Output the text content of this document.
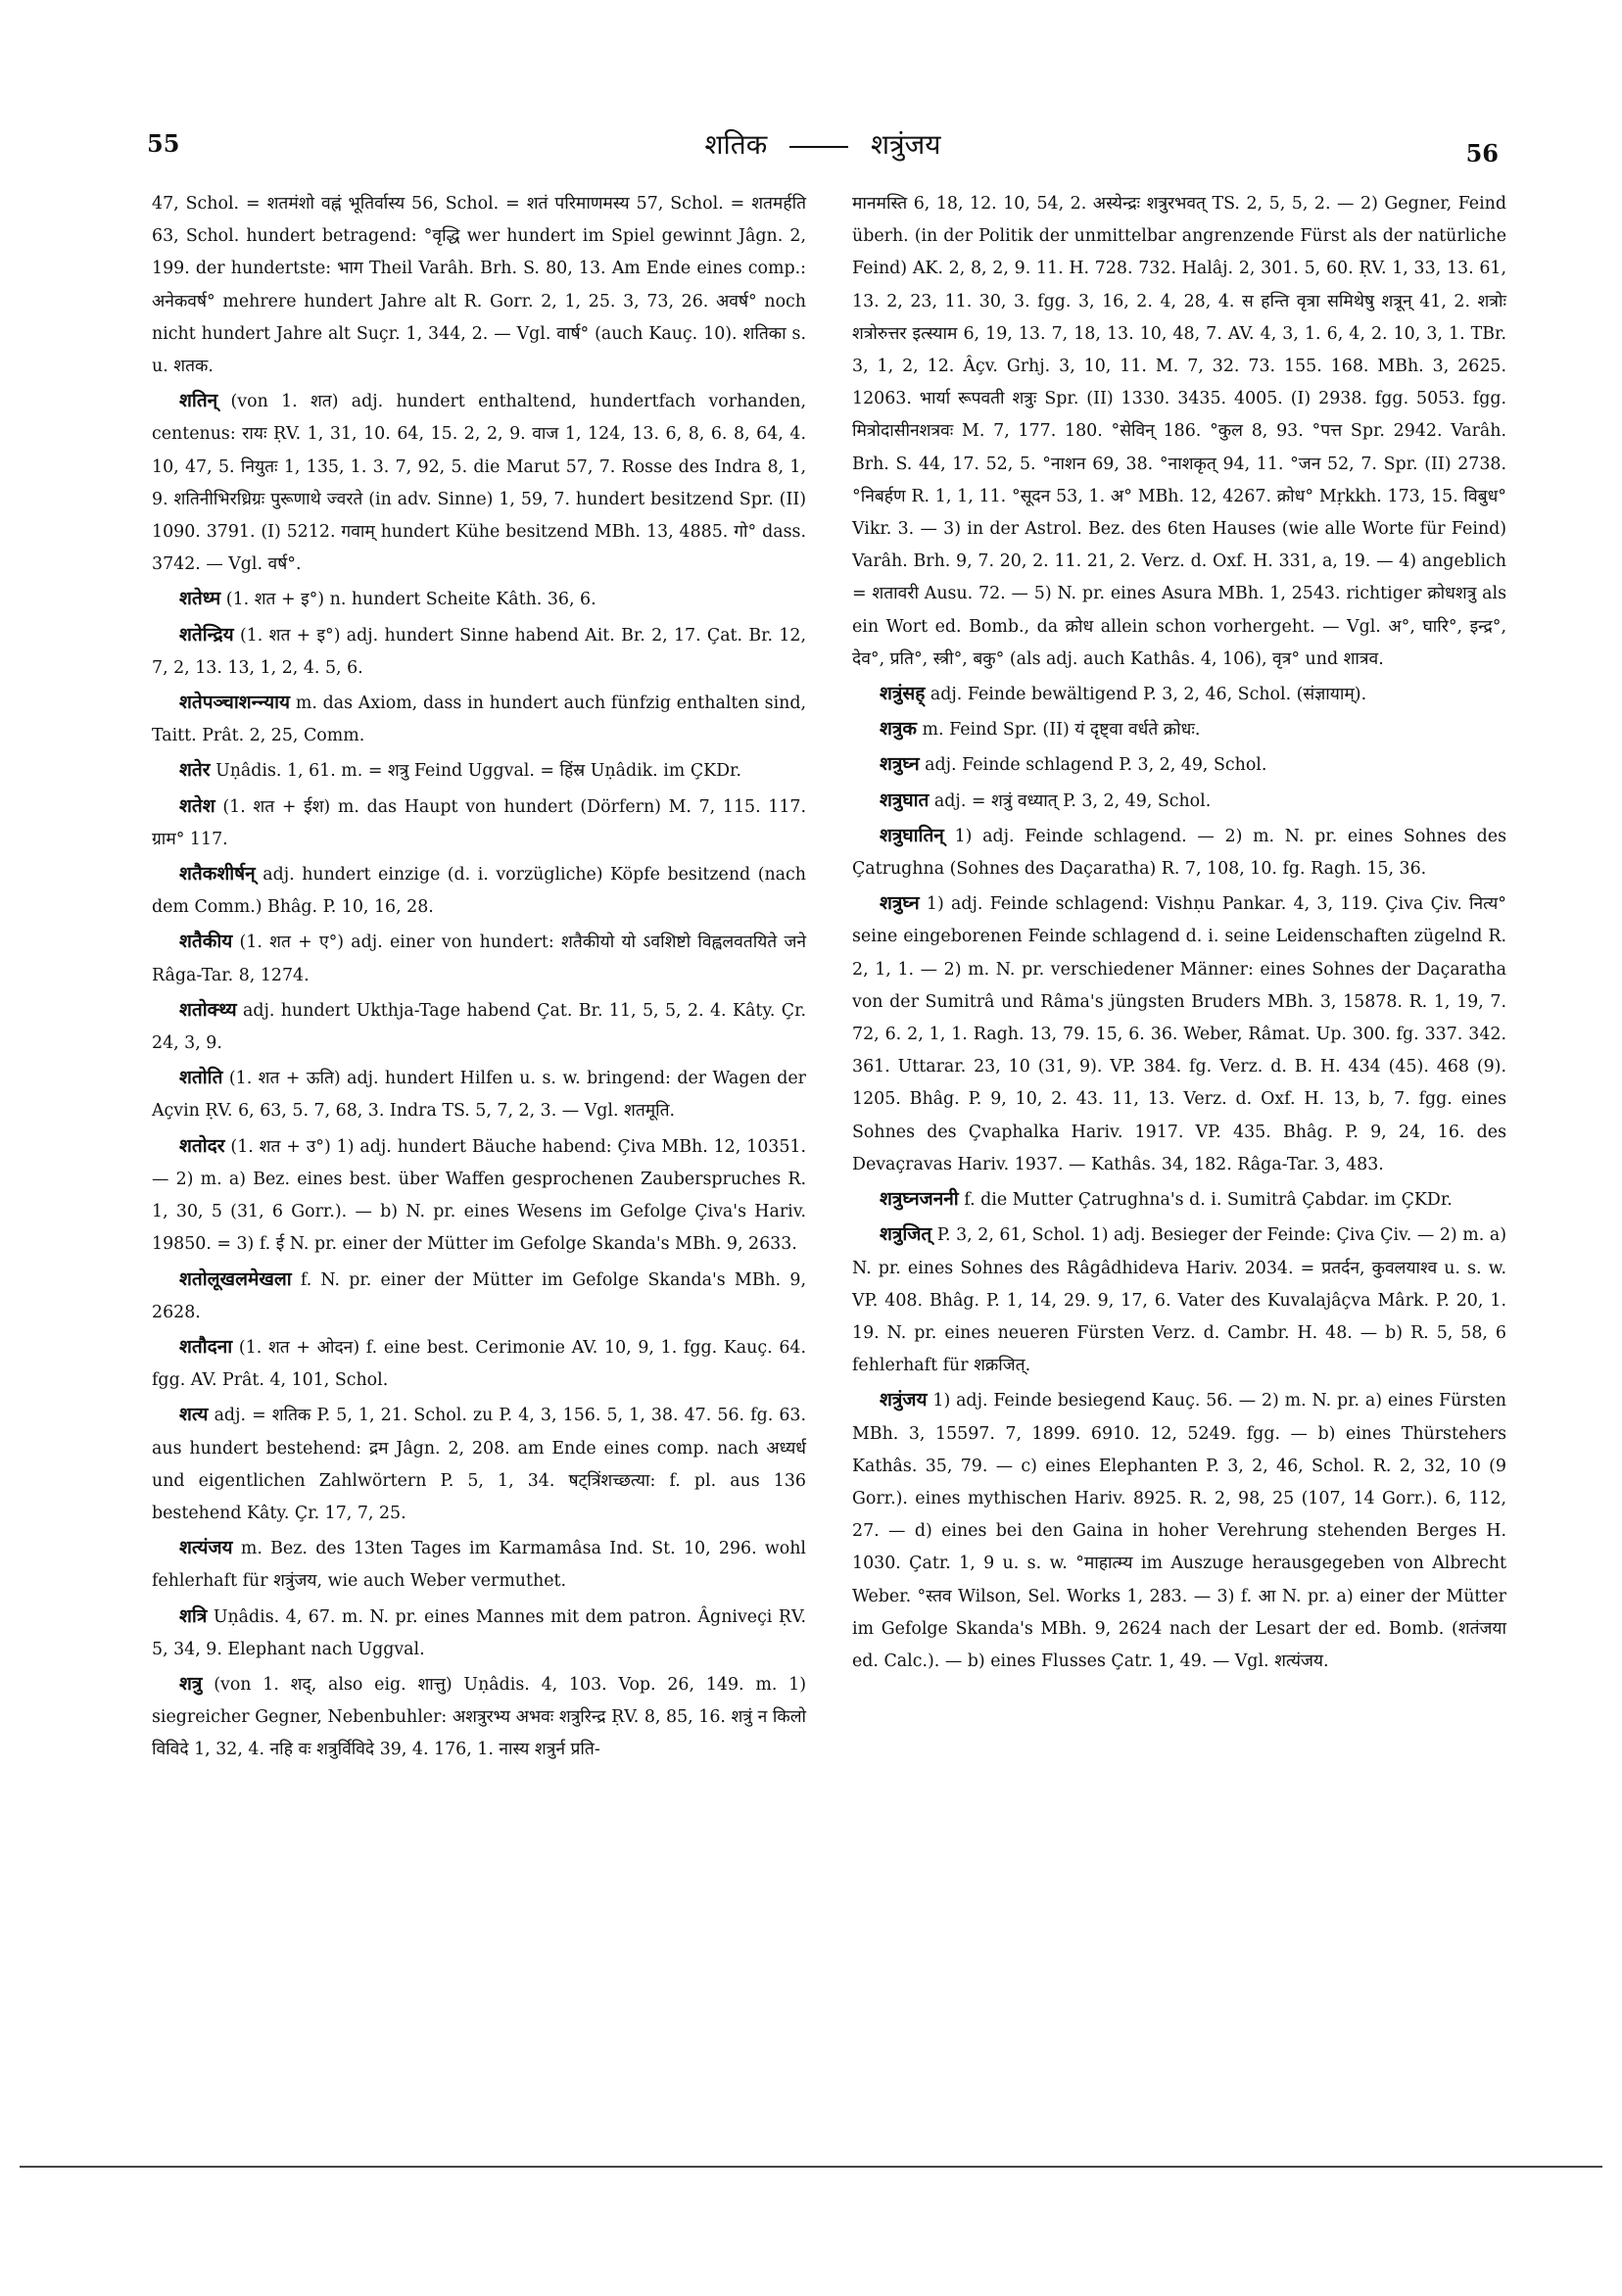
55	शतिक	शत्रुंजय	56

47, Schol. = शतमंशो वह्नं भूतिर्वास्य 56, Schol. = शतं परिमाणमस्य 57, Schol. = शतमर्हति 63, Schol. hundert betragend: °वृद्धि wer hundert im Spiel gewinnt Jâgn. 2, 199. der hundertste: भाग Theil Varâh. Brh. S. 80, 13. Am Ende eines comp.: अनेकवर्ष° mehrere hundert Jahre alt R. Gorr. 2, 1, 25. 3, 73, 26. अवर्ष° noch nicht hundert Jahre alt Suçr. 1, 344, 2. — Vgl. वार्ष° (auch Kauç. 10). शतिका s. u. शतक.

शतिन् (von 1. शत) adj. hundert enthaltend, hundertfach vorhanden, centenus: रायः ṚV. 1, 31, 10. 64, 15. 2, 2, 9. वाज 1, 124, 13. 6, 8, 6. 8, 64, 4. 10, 47, 5. नियुतः 1, 135, 1. 3. 7, 92, 5. die Marut 57, 7. Rosse des Indra 8, 1, 9. शतिनीभिरध्रिग्रः पुरूणाथे ज्वरते (in adv. Sinne) 1, 59, 7. hundert besitzend Spr. (II) 1090. 3791. (I) 5212. गवाम् hundert Kühe besitzend MBh. 13, 4885. गो° dass. 3742. — Vgl. वर्ष°.

शतेध्म (1. शत + इ°) n. hundert Scheite Kâth. 36, 6.

शतेन्द्रिय (1. शत + इ°) adj. hundert Sinne habend Ait. Br. 2, 17. Çat. Br. 12, 7, 2, 13. 13, 1, 2, 4. 5, 6.

शतेपञ्चाशन्न्याय m. das Axiom, dass in hundert auch fünfzig enthalten sind, Taitt. Prât. 2, 25, Comm.

शतेर Uṇâdis. 1, 61. m. = शत्रु Feind Uggval. = हिंस्र Uṇâdik. im ÇKDr.

शतेश (1. शत + ईश) m. das Haupt von hundert (Dörfern) M. 7, 115. 117. ग्राम° 117.

शतैकशीर्षन् adj. hundert einzige (d. i. vorzügliche) Köpfe besitzend (nach dem Comm.) Bhâg. P. 10, 16, 28.

शतैकीय (1. शत + ए°) adj. einer von hundert: शतैकीयो यो ऽवशिष्टो विह्वलवतयिते जने Râga-Tar. 8, 1274.

शतोक्थ्य adj. hundert Ukthja-Tage habend Çat. Br. 11, 5, 5, 2. 4. Kâty. Çr. 24, 3, 9.

शतोति (1. शत + ऊति) adj. hundert Hilfen u. s. w. bringend: der Wagen der Açvin ṚV. 6, 63, 5. 7, 68, 3. Indra TS. 5, 7, 2, 3. — Vgl. शतमूति.

शतोदर (1. शत + उ°) 1) adj. hundert Bäuche habend: Çiva MBh. 12, 10351. — 2) m. a) Bez. eines best. über Waffen gesprochenen Zauberspruches R. 1, 30, 5 (31, 6 Gorr.). — b) N. pr. eines Wesens im Gefolge Çiva's Hariv. 19850. = 3) f. ई N. pr. einer der Mütter im Gefolge Skanda's MBh. 9, 2633.

शतोलूखलमेखला f. N. pr. einer der Mütter im Gefolge Skanda's MBh. 9, 2628.

शतौदना (1. शत + ओदन) f. eine best. Cerimonie AV. 10, 9, 1. fgg. Kauç. 64. fgg. AV. Prât. 4, 101, Schol.

शत्य adj. = शतिक P. 5, 1, 21. Schol. zu P. 4, 3, 156. 5, 1, 38. 47. 56. fg. 63. aus hundert bestehend: द्रम Jâgn. 2, 208. am Ende eines comp. nach अध्यर्ध und eigentlichen Zahlwörtern P. 5, 1, 34. षट्त्रिंशच्छत्या: f. pl. aus 136 bestehend Kâty. Çr. 17, 7, 25.

शत्यंजय m. Bez. des 13ten Tages im Karmamâsa Ind. St. 10, 296. wohl fehlerhaft für शत्रुंजय, wie auch Weber vermuthet.

शत्रि Uṇâdis. 4, 67. m. N. pr. eines Mannes mit dem patron. Âgniveçi ṚV. 5, 34, 9. Elephant nach Uggval.

शत्रु (von 1. शद्, also eig. शात्तु) Uṇâdis. 4, 103. Vop. 26, 149. m. 1) siegreicher Gegner, Nebenbuhler: अशत्रुरभ्य अभवः शत्रुरिन्द्र ṚV. 8, 85, 16. शत्रुं न किलो विविदे 1, 32, 4. नहि वः शत्रुर्विविदे 39, 4. 176, 1. नास्य शत्रुर्न प्रति-

मानमस्ति 6, 18, 12. 10, 54, 2. अस्येन्द्रः शत्रुरभवत् TS. 2, 5, 5, 2. — 2) Gegner, Feind überh. (in der Politik der unmittelbar angrenzende Fürst als der natürliche Feind) AK. 2, 8, 2, 9. 11. H. 728. 732. Halâj. 2, 301. 5, 60. ṚV. 1, 33, 13. 61, 13. 2, 23, 11. 30, 3. fgg. 3, 16, 2. 4, 28, 4. स हन्ति वृत्रा समिथेषु शत्रून् 41, 2. शत्रोः शत्रोरुत्तर इत्स्याम 6, 19, 13. 7, 18, 13. 10, 48, 7. AV. 4, 3, 1. 6, 4, 2. 10, 3, 1. TBr. 3, 1, 2, 12. Âçv. Grhj. 3, 10, 11. M. 7, 32. 73. 155. 168. MBh. 3, 2625. 12063. भार्या रूपवती शत्रुः Spr. (II) 1330. 3435. 4005. (I) 2938. fgg. 5053. fgg. मित्रोदासीनशत्रवः M. 7, 177. 180. °सेविन् 186. °कुल 8, 93. °पत्त Spr. 2942. Varâh. Brh. S. 44, 17. 52, 5. °नाशन 69, 38. °नाशकृत् 94, 11. °जन 52, 7. Spr. (II) 2738. °निबर्हण R. 1, 1, 11. °सूदन 53, 1. अ° MBh. 12, 4267. क्रोध° Mṛkkh. 173, 15. विबुध° Vikr. 3. — 3) in der Astrol. Bez. des 6ten Hauses (wie alle Worte für Feind) Varâh. Brh. 9, 7. 20, 2. 11. 21, 2. Verz. d. Oxf. H. 331, a, 19. — 4) angeblich = शतावरी Ausu. 72. — 5) N. pr. eines Asura MBh. 1, 2543. richtiger क्रोधशत्रु als ein Wort ed. Bomb., da क्रोध allein schon vorhergeht. — Vgl. अ°, घारि°, इन्द्र°, देव°, प्रति°, स्त्री°, बकु° (als adj. auch Kathâs. 4, 106), वृत्र° und शात्रव.

शत्रुंसह् adj. Feinde bewältigend P. 3, 2, 46, Schol. (संज्ञायाम्).

शत्रुक m. Feind Spr. (II) यं दृष्ट्वा वर्धते क्रोधः.

शत्रुघ्न adj. Feinde schlagend P. 3, 2, 49, Schol.

शत्रुघात adj. = शत्रुं वध्यात् P. 3, 2, 49, Schol.

शत्रुघातिन् 1) adj. Feinde schlagend. — 2) m. N. pr. eines Sohnes des Çatrughna (Sohnes des Daçaratha) R. 7, 108, 10. fg. Ragh. 15, 36.

शत्रुघ्न 1) adj. Feinde schlagend: Vishṇu Pankar. 4, 3, 119. Çiva Çiv. नित्य° seine eingeborenen Feinde schlagend d. i. seine Leidenschaften zügelnd R. 2, 1, 1. — 2) m. N. pr. verschiedener Männer: eines Sohnes der Daçaratha von der Sumitrâ und Râma's jüngsten Bruders MBh. 3, 15878. R. 1, 19, 7. 72, 6. 2, 1, 1. Ragh. 13, 79. 15, 6. 36. Weber, Râmat. Up. 300. fg. 337. 342. 361. Uttarar. 23, 10 (31, 9). VP. 384. fg. Verz. d. B. H. 434 (45). 468 (9). 1205. Bhâg. P. 9, 10, 2. 43. 11, 13. Verz. d. Oxf. H. 13, b, 7. fgg. eines Sohnes des Çvaphalka Hariv. 1917. VP. 435. Bhâg. P. 9, 24, 16. des Devaçravas Hariv. 1937. — Kathâs. 34, 182. Râga-Tar. 3, 483.

शत्रुघ्नजननी f. die Mutter Çatrughna's d. i. Sumitrâ Çabdar. im ÇKDr.

शत्रुजित् P. 3, 2, 61, Schol. 1) adj. Besieger der Feinde: Çiva Çiv. — 2) m. a) N. pr. eines Sohnes des Râgâdhideva Hariv. 2034. = प्रतर्दन, कुवलयाश्व u. s. w. VP. 408. Bhâg. P. 1, 14, 29. 9, 17, 6. Vater des Kuvalajâçva Mârk. P. 20, 1. 19. N. pr. eines neueren Fürsten Verz. d. Cambr. H. 48. — b) R. 5, 58, 6 fehlerhaft für शक्रजित्.

शत्रुंजय 1) adj. Feinde besiegend Kauç. 56. — 2) m. N. pr. a) eines Fürsten MBh. 3, 15597. 7, 1899. 6910. 12, 5249. fgg. — b) eines Thürstehers Kathâs. 35, 79. — c) eines Elephanten P. 3, 2, 46, Schol. R. 2, 32, 10 (9 Gorr.). eines mythischen Hariv. 8925. R. 2, 98, 25 (107, 14 Gorr.). 6, 112, 27. — d) eines bei den Gaina in hoher Verehrung stehenden Berges H. 1030. Çatr. 1, 9 u. s. w. °माहात्म्य im Auszuge herausgegeben von Albrecht Weber. °स्तव Wilson, Sel. Works 1, 283. — 3) f. आ N. pr. a) einer der Mütter im Gefolge Skanda's MBh. 9, 2624 nach der Lesart der ed. Bomb. (शतंजया ed. Calc.). — b) eines Flusses Çatr. 1, 49. — Vgl. शत्यंजय.
